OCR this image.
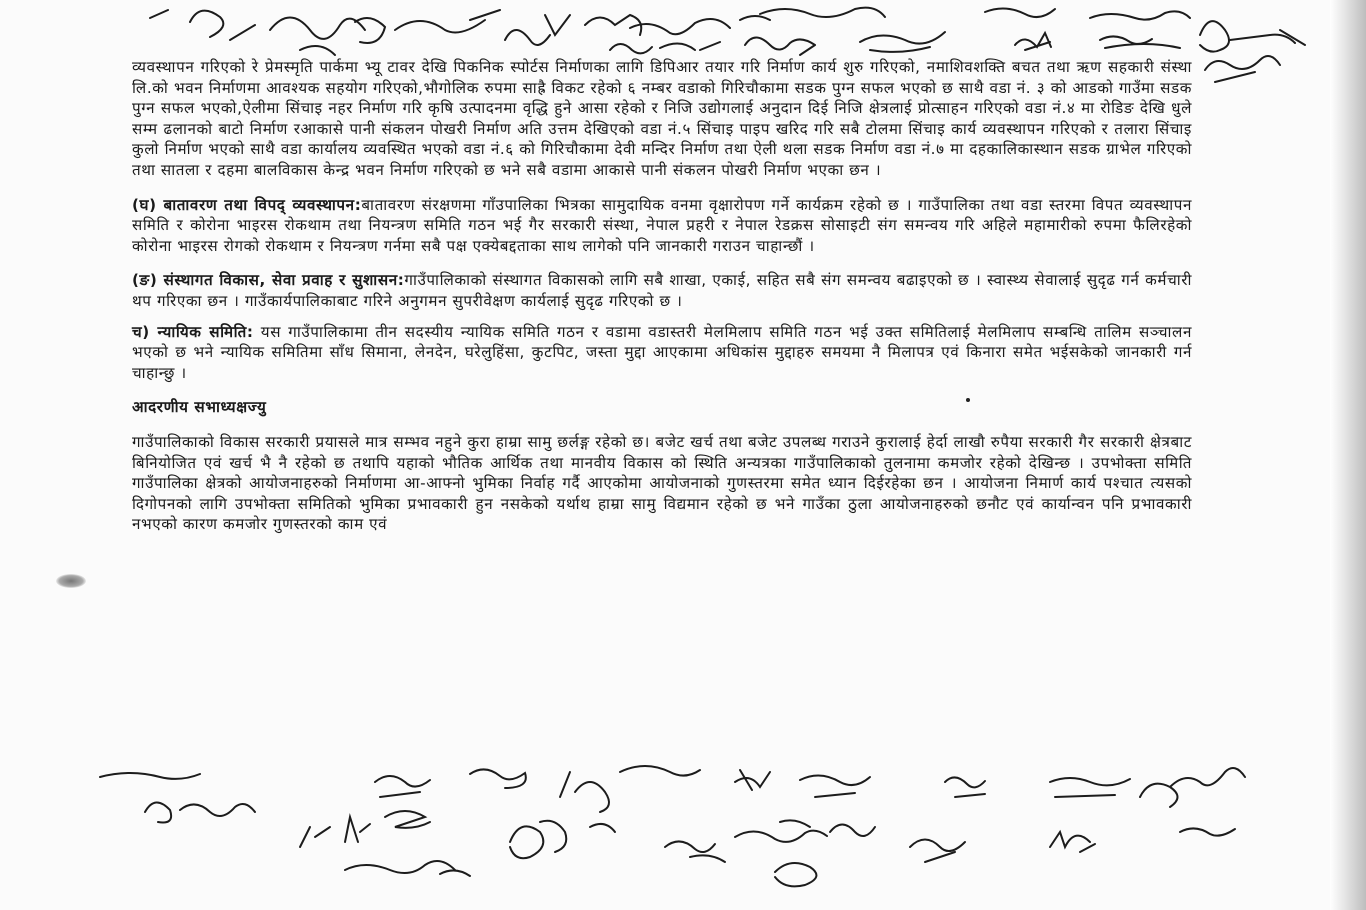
व्यवस्थापन गरिएको रे प्रेमस्मृति पार्कमा भ्यू टावर देखि पिकनिक स्पोर्टस निर्माणका लागि डिपिआर तयार गरि निर्माण कार्य शुरु गरिएको, नमाशिवशक्ति बचत तथा ऋण सहकारी संस्था लि.को भवन निर्माणमा आवश्यक सहयोग गरिएको,भौगोलिक रुपमा साह्रै विकट रहेको ६ नम्बर वडाको गिरिचौकामा सडक पुग्न सफल भएको छ साथै वडा नं. ३ को आडको गाउँमा सडक पुग्न सफल भएको,ऐलीमा सिंचाइ नहर निर्माण गरि कृषि उत्पादनमा वृद्धि हुने आसा रहेको र निजि उद्योगलाई अनुदान दिई निजि क्षेत्रलाई प्रोत्साहन गरिएको वडा नं.४ मा रोडिङ देखि धुले सम्म ढलानको बाटो निर्माण रआकासे पानी संकलन पोखरी निर्माण अति उत्तम देखिएको वडा नं.५ सिंचाइ पाइप खरिद गरि सबै टोलमा सिंचाइ कार्य व्यवस्थापन गरिएको र तलारा सिंचाइ कुलो निर्माण भएको साथै वडा कार्यालय व्यवस्थित भएको वडा नं.६ को गिरिचौकामा देवी मन्दिर निर्माण तथा ऐली थला सडक निर्माण वडा नं.७ मा दहकालिकास्थान सडक ग्राभेल गरिएको तथा सातला र दहमा बालविकास केन्द्र भवन निर्माण गरिएको छ भने सबै वडामा आकासे पानी संकलन पोखरी निर्माण भएका छन ।

(घ) बातावरण तथा विपद् व्यवस्थापन:बातावरण संरक्षणमा गाँउपालिका भित्रका सामुदायिक वनमा वृक्षारोपण गर्ने कार्यक्रम रहेको छ । गाउँपालिका तथा वडा स्तरमा विपत व्यवस्थापन समिति र कोरोना भाइरस रोकथाम तथा नियन्त्रण समिति गठन भई गैर सरकारी संस्था, नेपाल प्रहरी र नेपाल रेडक्रस सोसाइटी संग समन्वय गरि अहिले महामारीको रुपमा फैलिरहेको कोरोना भाइरस रोगको रोकथाम र नियन्त्रण गर्नमा सबै पक्ष एक्येबद्दताका साथ लागेको पनि जानकारी गराउन चाहान्छौं ।

(ङ) संस्थागत विकास, सेवा प्रवाह र सुशासन:गाउँपालिकाको संस्थागत विकासको लागि सबै शाखा, एकाई, सहित सबै संग समन्वय बढाइएको छ । स्वास्थ्य सेवालाई सुदृढ गर्न कर्मचारी थप गरिएका छन । गाउँकार्यपालिकाबाट गरिने अनुगमन सुपरीवेक्षण कार्यलाई सुदृढ गरिएको छ ।

च) न्यायिक समिति: यस गाउँपालिकामा तीन सदस्यीय न्यायिक समिति गठन र वडामा वडास्तरी मेलमिलाप समिति गठन भई उक्त समितिलाई मेलमिलाप सम्बन्धि तालिम सञ्चालन भएको छ भने न्यायिक समितिमा साँध सिमाना, लेनदेन, घरेलुहिंसा, कुटपिट, जस्ता मुद्दा आएकामा अधिकांस मुद्दाहरु समयमा नै मिलापत्र एवं किनारा समेत भईसकेको जानकारी गर्न चाहान्छु ।

आदरणीय सभाध्यक्षज्यु

गाउँपालिकाको विकास सरकारी प्रयासले मात्र सम्भव नहुने कुरा हाम्रा सामु छर्लङ्ग रहेको छ। बजेट खर्च तथा बजेट उपलब्ध गराउने कुरालाई हेर्दा लाखौ रुपैया सरकारी गैर सरकारी क्षेत्रबाट बिनियोजित एवं खर्च भै नै रहेको छ तथापि यहाको भौतिक आर्थिक तथा मानवीय विकास को स्थिति अन्यत्रका गाउँपालिकाको तुलनामा कमजोर रहेको देखिन्छ । उपभोक्ता समिति गाउँपालिका क्षेत्रको आयोजनाहरुको निर्माणमा आ-आफ्नो भुमिका निर्वाह गर्दै आएकोमा आयोजनाको गुणस्तरमा समेत ध्यान दिईरहेका छन । आयोजना निमार्ण कार्य पश्चात त्यसको दिगोपनको लागि उपभोक्ता समितिको भुमिका प्रभावकारी हुन नसकेको यर्थाथ हाम्रा सामु विद्यमान रहेको छ भने गाउँका ठुला आयोजनाहरुको छनौट एवं कार्यान्वन पनि प्रभावकारी नभएको कारण कमजोर गुणस्तरको काम एवं
